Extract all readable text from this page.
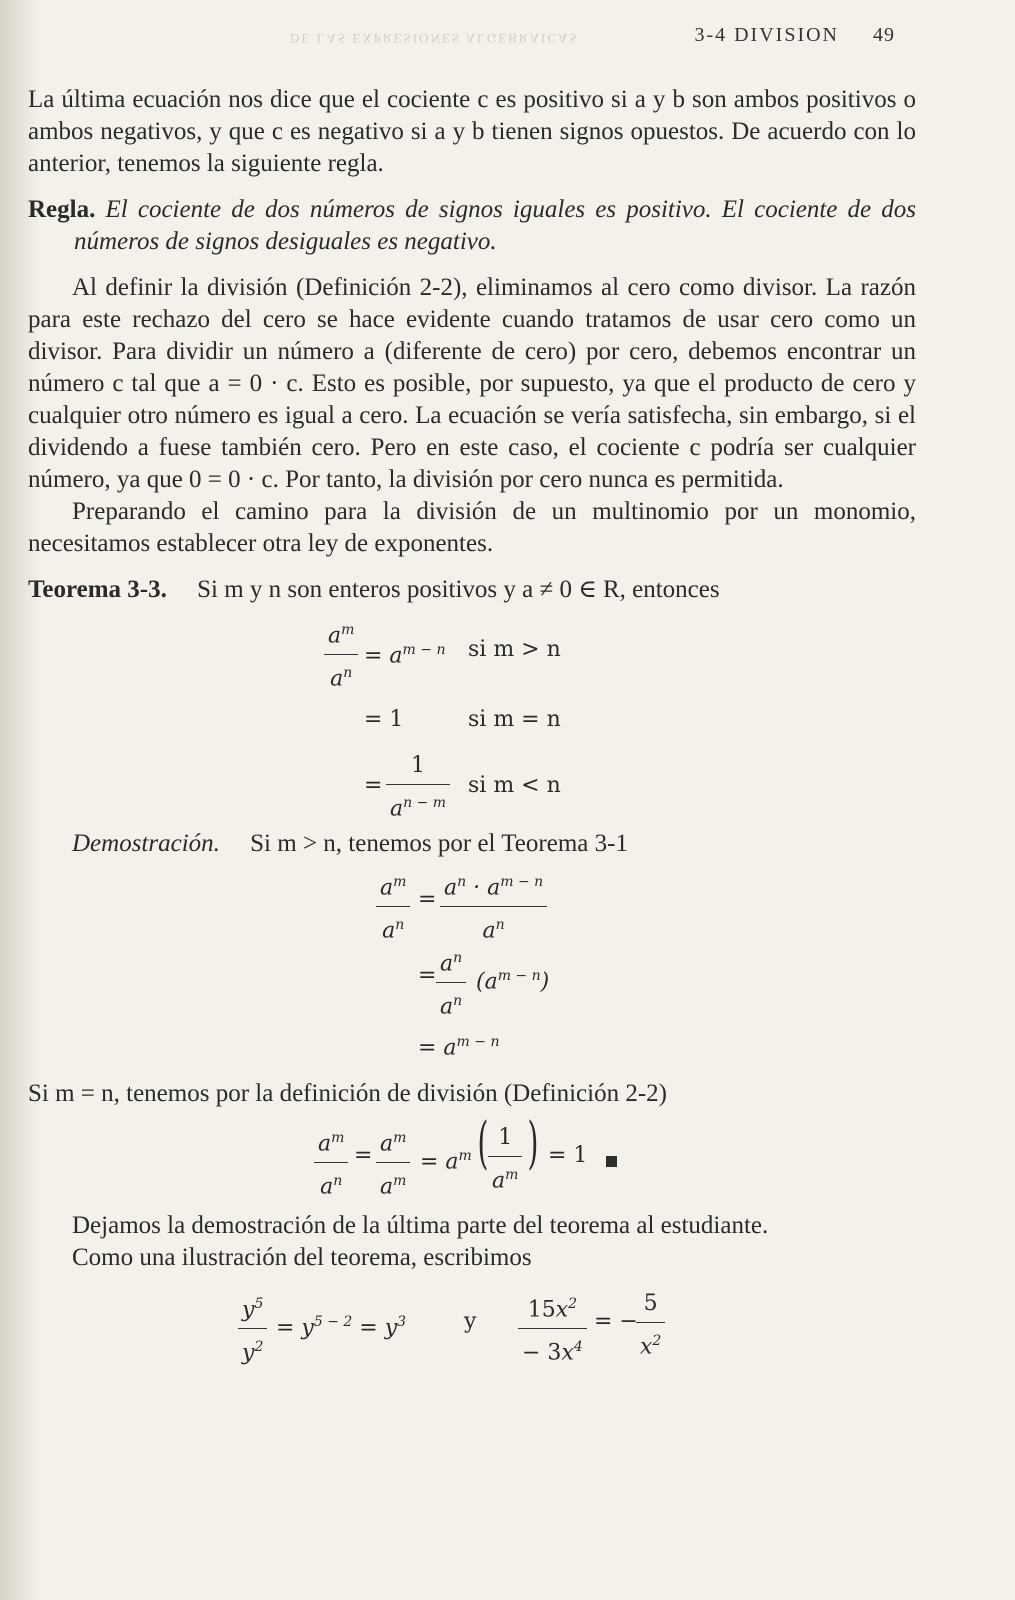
DE LAS EXPRESIONES ALGEBRAICAS	3-4 DIVISION 49

La última ecuación nos dice que el cociente c es positivo si a y b son ambos positivos o ambos negativos, y que c es negativo si a y b tienen signos opuestos. De acuerdo con lo anterior, tenemos la siguiente regla.

Regla. El cociente de dos números de signos iguales es positivo. El cociente de dos números de signos desiguales es negativo.

Al definir la división (Definición 2-2), eliminamos al cero como divisor. La razón para este rechazo del cero se hace evidente cuando tratamos de usar cero como un divisor. Para dividir un número a (diferente de cero) por cero, debemos encontrar un número c tal que a = 0 · c. Esto es posible, por supuesto, ya que el producto de cero y cualquier otro número es igual a cero. La ecuación se vería satisfecha, sin embargo, si el dividendo a fuese también cero. Pero en este caso, el cociente c podría ser cualquier número, ya que 0 = 0 · c. Por tanto, la división por cero nunca es permitida.

Preparando el camino para la división de un multinomio por un monomio, necesitamos establecer otra ley de exponentes.

Teorema 3-3. Si m y n son enteros positivos y a ≠ 0 ∈ R, entonces

$\frac{a^m}{a^n} = a^{m - n}$ si m > n
= 1	si m = n
= $\frac{1}{a^{n - m}}$ si m < n

Demostración. Si m > n, tenemos por el Teorema 3-1

$\frac{a^m}{a^n} = \frac{a^n \cdot a^{m - n}}{a^n}$
= $\frac{a^n}{a^n} (a^{m - n})$
= $a^{m - n}$

Si m = n, tenemos por la definición de división (Definición 2-2)

$\frac{a^m}{a^n} = \frac{a^m}{a^m} = a^m$ ( $\frac{1}{a^m}$ ) = 1

Dejamos la demostración de la última parte del teorema al estudiante.

Como una ilustración del teorema, escribimos

$\frac{y^5}{y^2} = y^{5 - 2} = y^3$	y $\frac{15x^2}{- 3x^4}$ = −
$\frac{5}{x^2}$
